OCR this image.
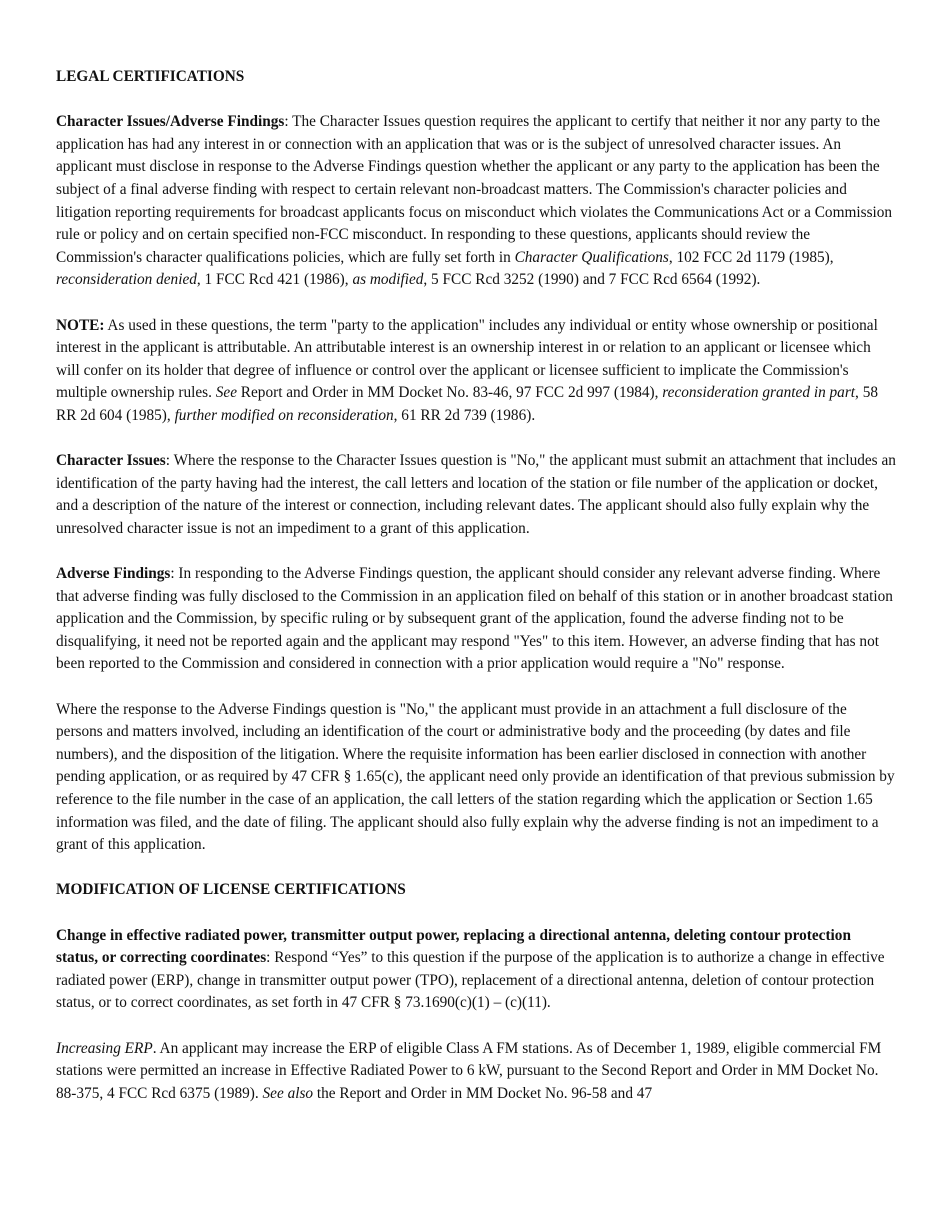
LEGAL CERTIFICATIONS

Character Issues/Adverse Findings: The Character Issues question requires the applicant to certify that neither it nor any party to the application has had any interest in or connection with an application that was or is the subject of unresolved character issues. An applicant must disclose in response to the Adverse Findings question whether the applicant or any party to the application has been the subject of a final adverse finding with respect to certain relevant non-broadcast matters. The Commission's character policies and litigation reporting requirements for broadcast applicants focus on misconduct which violates the Communications Act or a Commission rule or policy and on certain specified non-FCC misconduct. In responding to these questions, applicants should review the Commission's character qualifications policies, which are fully set forth in Character Qualifications, 102 FCC 2d 1179 (1985), reconsideration denied, 1 FCC Rcd 421 (1986), as modified, 5 FCC Rcd 3252 (1990) and 7 FCC Rcd 6564 (1992).

NOTE: As used in these questions, the term "party to the application" includes any individual or entity whose ownership or positional interest in the applicant is attributable. An attributable interest is an ownership interest in or relation to an applicant or licensee which will confer on its holder that degree of influence or control over the applicant or licensee sufficient to implicate the Commission's multiple ownership rules. See Report and Order in MM Docket No. 83-46, 97 FCC 2d 997 (1984), reconsideration granted in part, 58 RR 2d 604 (1985), further modified on reconsideration, 61 RR 2d 739 (1986).

Character Issues: Where the response to the Character Issues question is "No," the applicant must submit an attachment that includes an identification of the party having had the interest, the call letters and location of the station or file number of the application or docket, and a description of the nature of the interest or connection, including relevant dates. The applicant should also fully explain why the unresolved character issue is not an impediment to a grant of this application.

Adverse Findings: In responding to the Adverse Findings question, the applicant should consider any relevant adverse finding. Where that adverse finding was fully disclosed to the Commission in an application filed on behalf of this station or in another broadcast station application and the Commission, by specific ruling or by subsequent grant of the application, found the adverse finding not to be disqualifying, it need not be reported again and the applicant may respond "Yes" to this item. However, an adverse finding that has not been reported to the Commission and considered in connection with a prior application would require a "No" response.

Where the response to the Adverse Findings question is "No," the applicant must provide in an attachment a full disclosure of the persons and matters involved, including an identification of the court or administrative body and the proceeding (by dates and file numbers), and the disposition of the litigation. Where the requisite information has been earlier disclosed in connection with another pending application, or as required by 47 CFR § 1.65(c), the applicant need only provide an identification of that previous submission by reference to the file number in the case of an application, the call letters of the station regarding which the application or Section 1.65 information was filed, and the date of filing. The applicant should also fully explain why the adverse finding is not an impediment to a grant of this application.

MODIFICATION OF LICENSE CERTIFICATIONS

Change in effective radiated power, transmitter output power, replacing a directional antenna, deleting contour protection status, or correcting coordinates: Respond “Yes” to this question if the purpose of the application is to authorize a change in effective radiated power (ERP), change in transmitter output power (TPO), replacement of a directional antenna, deletion of contour protection status, or to correct coordinates, as set forth in 47 CFR § 73.1690(c)(1) – (c)(11).

Increasing ERP. An applicant may increase the ERP of eligible Class A FM stations. As of December 1, 1989, eligible commercial FM stations were permitted an increase in Effective Radiated Power to 6 kW, pursuant to the Second Report and Order in MM Docket No. 88-375, 4 FCC Rcd 6375 (1989). See also the Report and Order in MM Docket No. 96-58 and 47
